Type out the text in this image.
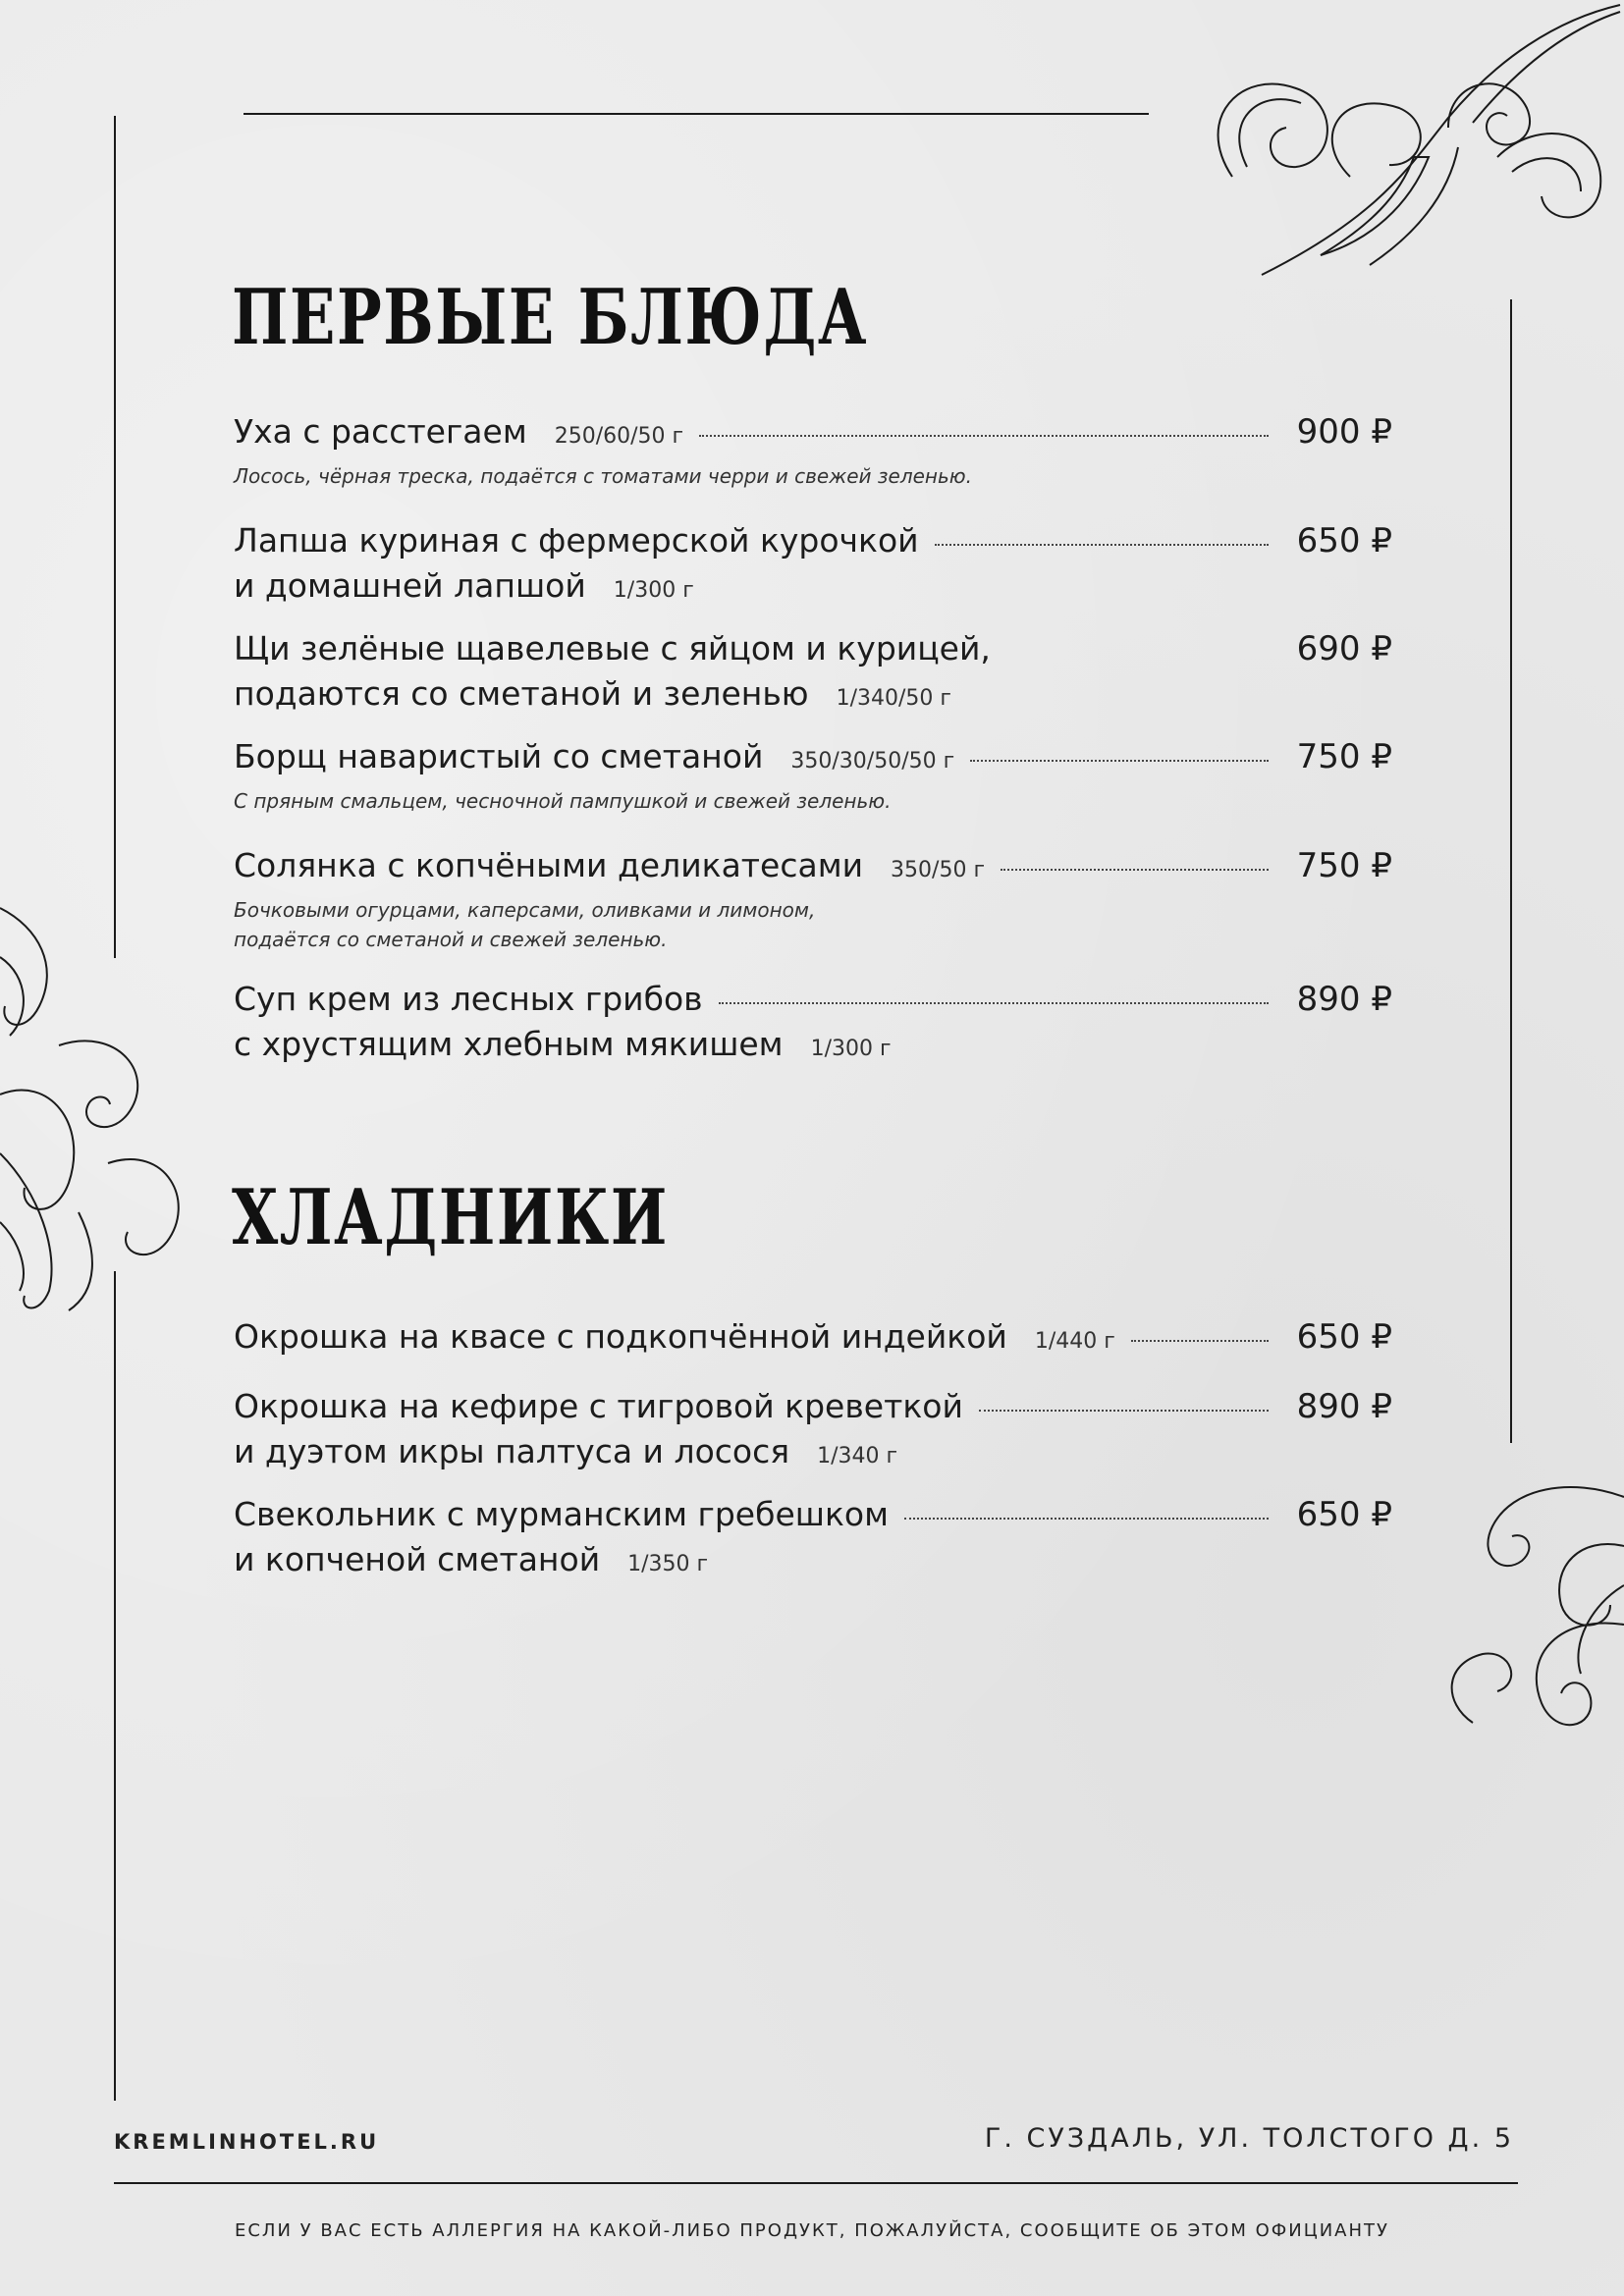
ПЕРВЫЕ БЛЮДА
Уха с расстегаем 250/60/50 г	900 ₽
Лосось, чёрная треска, подаётся с томатами черри и свежей зеленью.
Лапша куриная с фермерской курочкой	650 ₽
и домашней лапшой 1/300 г
Щи зелёные щавелевые с яйцом и курицей,	690 ₽
подаются со сметаной и зеленью 1/340/50 г
Борщ наваристый со сметаной 350/30/50/50 г	750 ₽
С пряным смальцем, чесночной пампушкой и свежей зеленью.
Солянка с копчёными деликатесами 350/50 г	750 ₽
Бочковыми огурцами, каперсами, оливками и лимоном,
подаётся со сметаной и свежей зеленью.
Суп крем из лесных грибов	890 ₽
с хрустящим хлебным мякишем 1/300 г
ХЛАДНИКИ
Окрошка на квасе с подкопчённой индейкой 1/440 г	650 ₽
Окрошка на кефире с тигровой креветкой	890 ₽
и дуэтом икры палтуса и лосося 1/340 г
Свекольник с мурманским гребешком	650 ₽
и копченой сметаной 1/350 г
KREMLINHOTEL.RU	Г. СУЗДАЛЬ, УЛ. ТОЛСТОГО Д. 5
ЕСЛИ У ВАС ЕСТЬ АЛЛЕРГИЯ НА КАКОЙ-ЛИБО ПРОДУКТ, ПОЖАЛУЙСТА, СООБЩИТЕ ОБ ЭТОМ ОФИЦИАНТУ
